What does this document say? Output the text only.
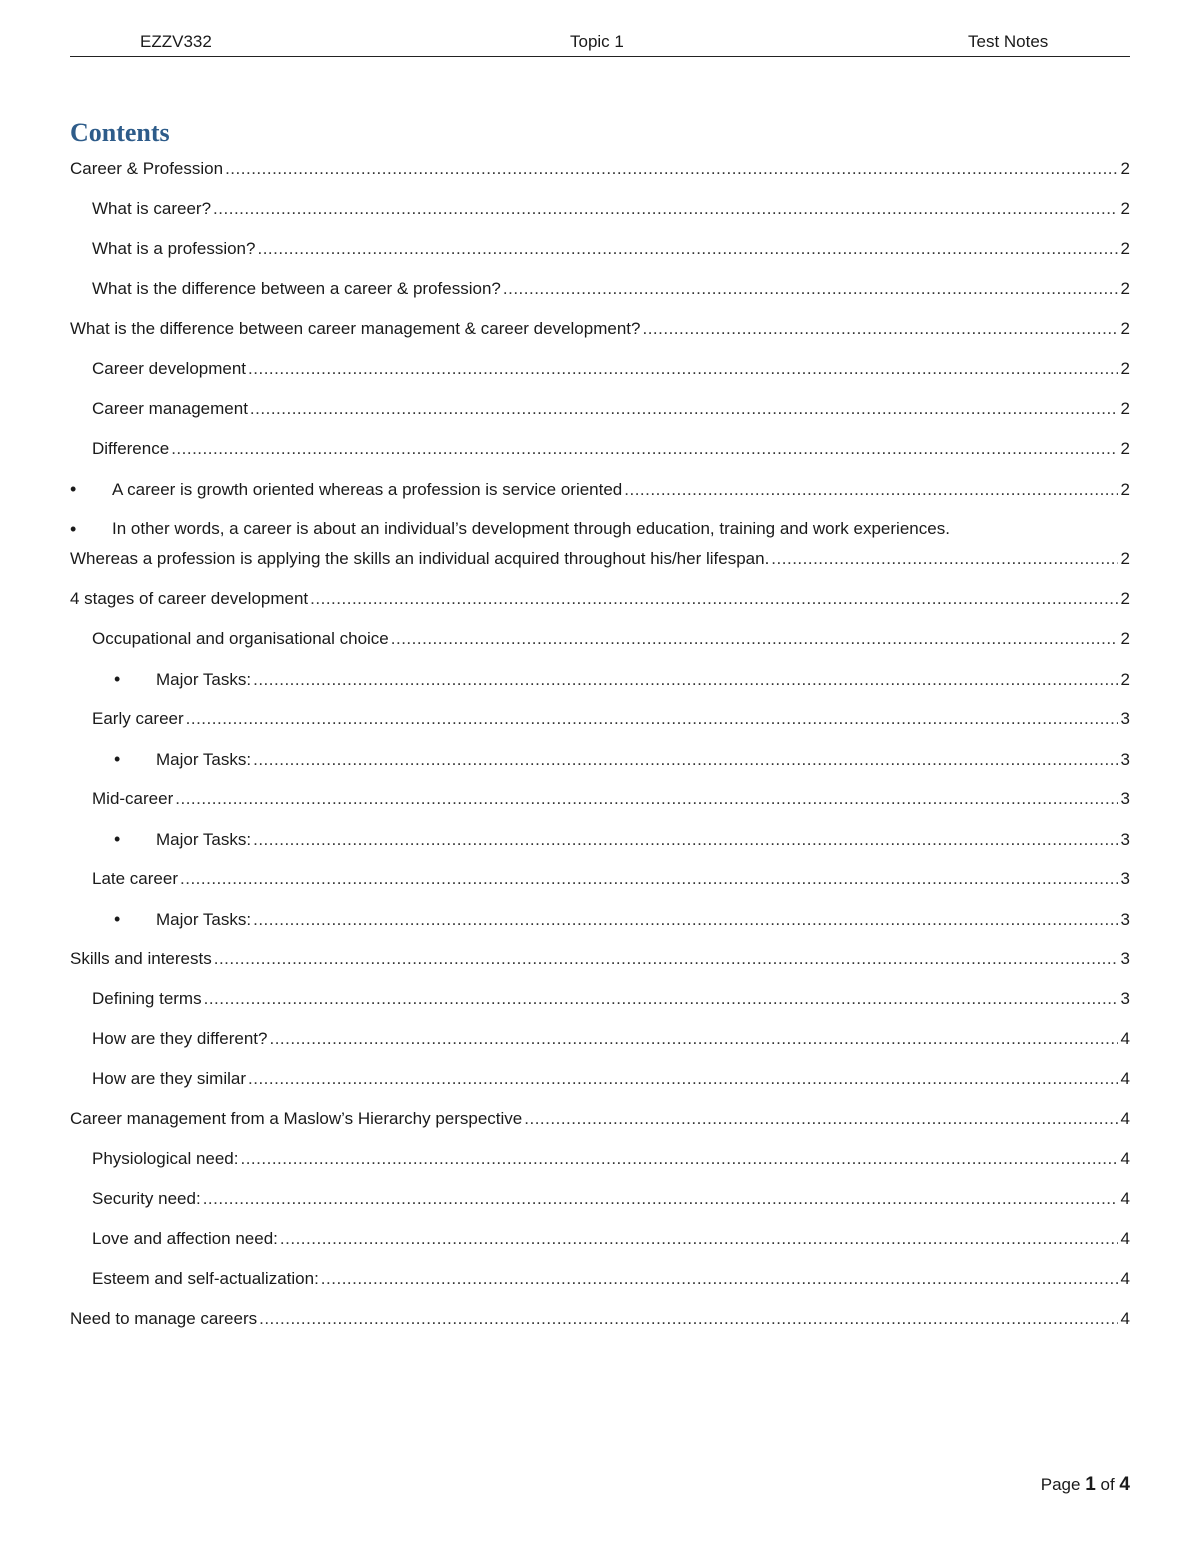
EZZV332	Topic 1	Test Notes
Contents
Career & Profession .....	2
What is career? .....	2
What is a profession? .....	2
What is the difference between a career & profession? .....	2
What is the difference between career management & career development? .....	2
Career development .....	2
Career management .....	2
Difference .....	2
•	A career is growth oriented whereas a profession is service oriented .....	2
•	In other words, a career is about an individual’s development through education, training and work experiences.
Whereas a profession is applying the skills an individual acquired throughout his/her lifespan. .....	2
4 stages of career development .....	2
Occupational and organisational choice .....	2
•	Major Tasks: .....	2
Early career .....	3
•	Major Tasks: .....	3
Mid-career .....	3
•	Major Tasks: .....	3
Late career .....	3
•	Major Tasks: .....	3
Skills and interests .....	3
Defining terms .....	3
How are they different? .....	4
How are they similar .....	4
Career management from a Maslow’s Hierarchy perspective .....	4
Physiological need: .....	4
Security need: .....	4
Love and affection need: .....	4
Esteem and self-actualization: .....	4
Need to manage careers .....	4
Page 1 of 4
